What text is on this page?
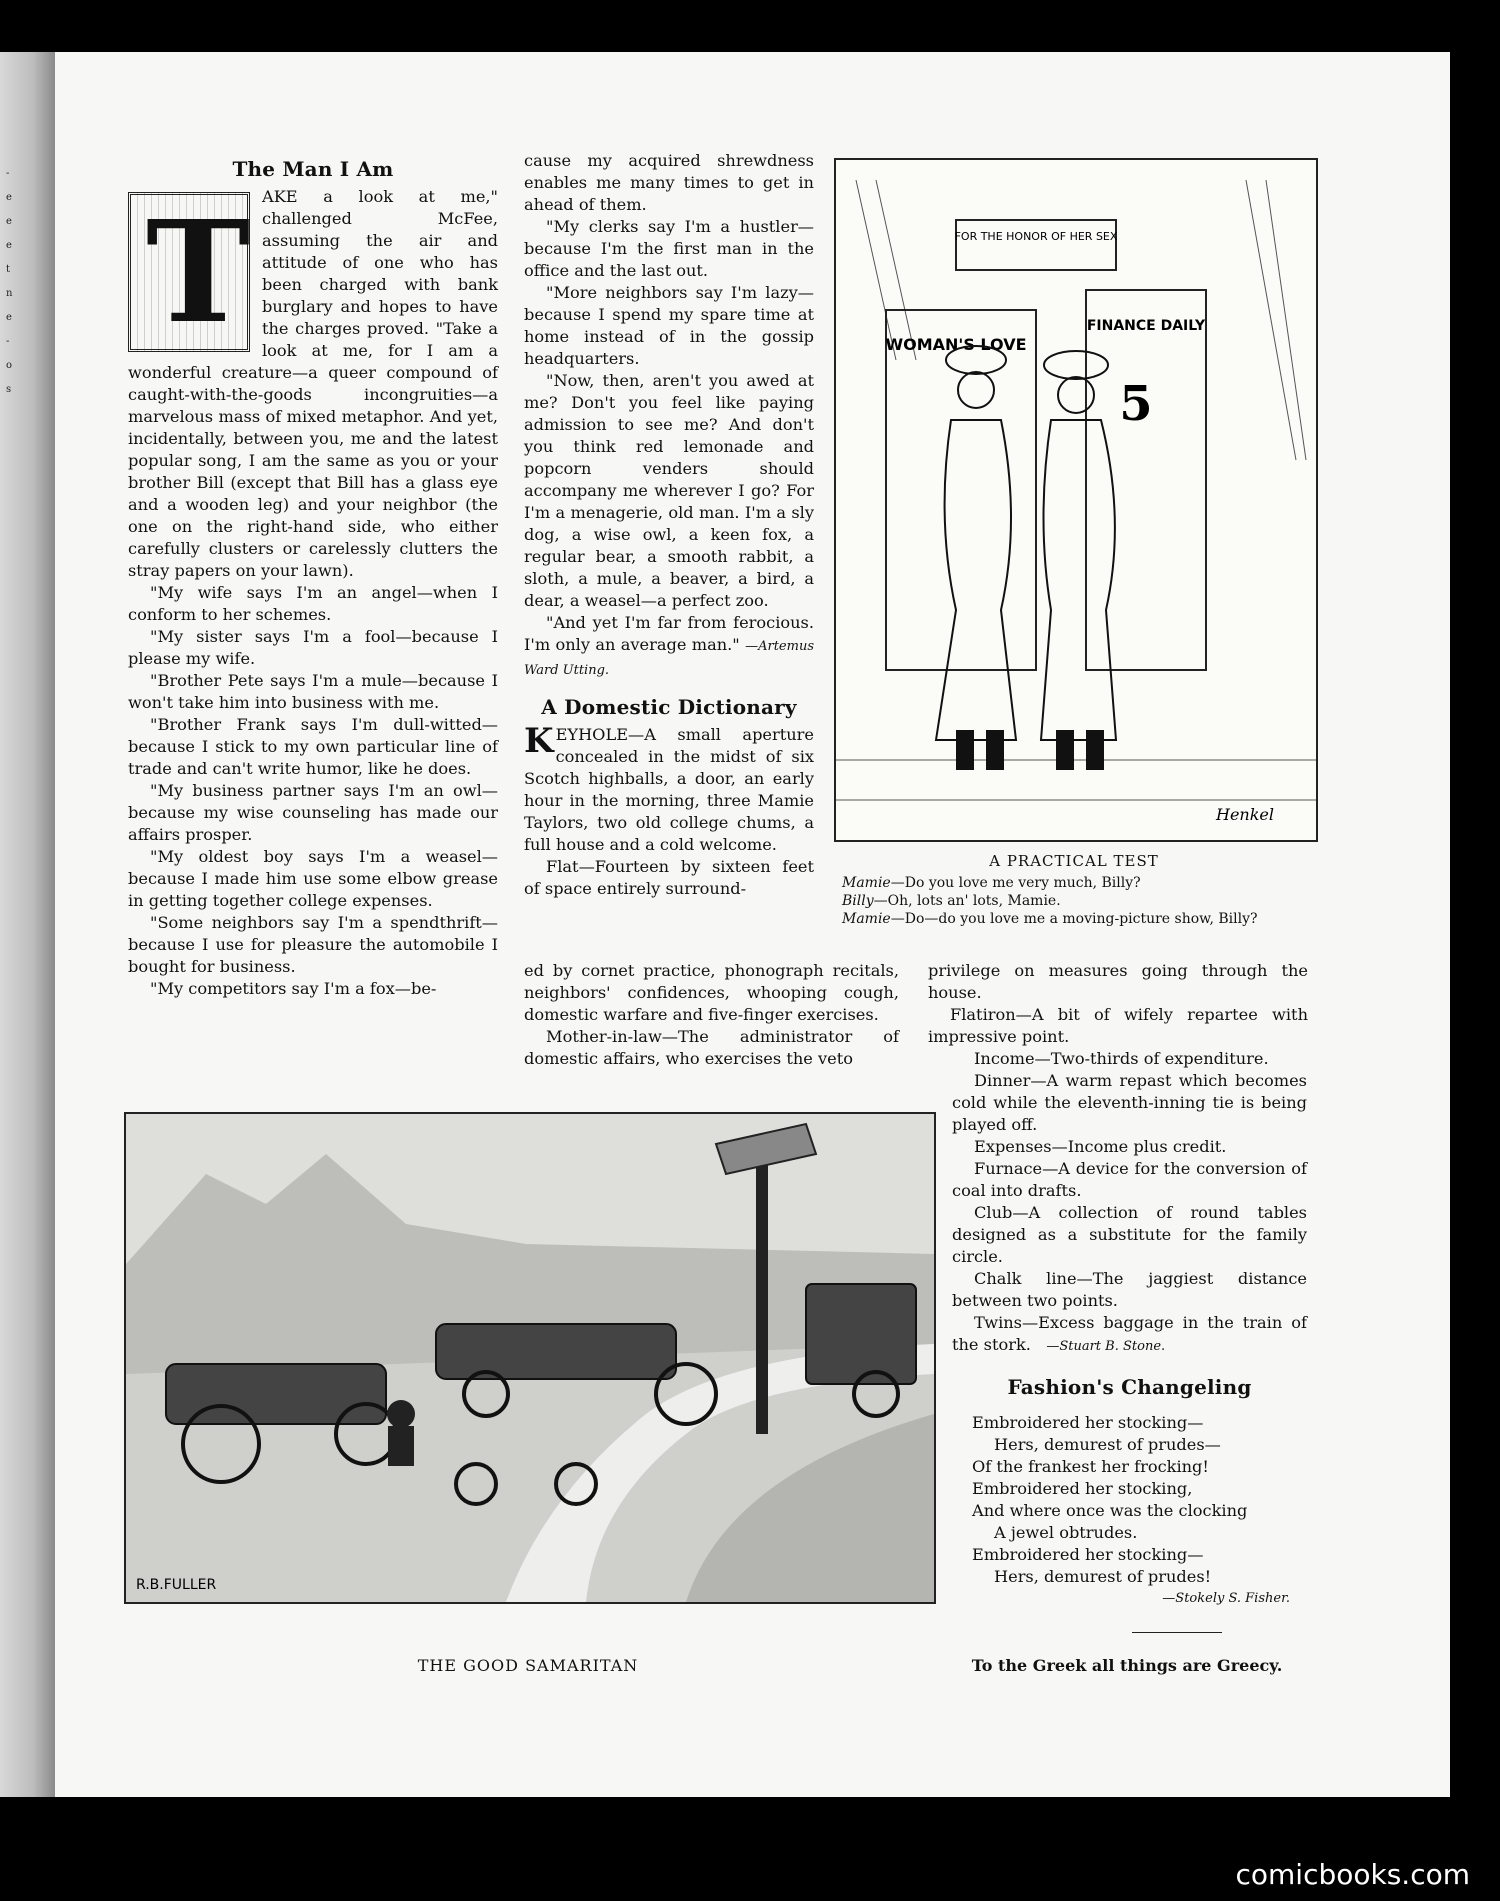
-
e
e
e
t
n
e
-
o
s
The Man I Am
T AKE a look at me," challenged McFee, assuming the air and attitude of one who has been charged with bank burglary and hopes to have the charges proved. "Take a look at me, for I am a wonderful creature—a queer compound of caught-with-the-goods incongruities—a marvelous mass of mixed metaphor. And yet, incidentally, between you, me and the latest popular song, I am the same as you or your brother Bill (except that Bill has a glass eye and a wooden leg) and your neighbor (the one on the right-hand side, who either carefully clusters or carelessly clutters the stray papers on your lawn).

"My wife says I'm an angel—when I conform to her schemes.

"My sister says I'm a fool—because I please my wife.

"Brother Pete says I'm a mule—because I won't take him into business with me.

"Brother Frank says I'm dull-witted—because I stick to my own particular line of trade and can't write humor, like he does.

"My business partner says I'm an owl—because my wise counseling has made our affairs prosper.

"My oldest boy says I'm a weasel—because I made him use some elbow grease in getting together college expenses.

"Some neighbors say I'm a spendthrift—because I use for pleasure the automobile I bought for business.

"My competitors say I'm a fox—be-

cause my acquired shrewdness enables me many times to get in ahead of them.

"My clerks say I'm a hustler—because I'm the first man in the office and the last out.

"More neighbors say I'm lazy—because I spend my spare time at home instead of in the gossip headquarters.

"Now, then, aren't you awed at me? Don't you feel like paying admission to see me? And don't you think red lemonade and popcorn venders should accompany me wherever I go? For I'm a menagerie, old man. I'm a sly dog, a wise owl, a keen fox, a regular bear, a smooth rabbit, a sloth, a mule, a beaver, a bird, a dear, a weasel—a perfect zoo.

"And yet I'm far from ferocious. I'm only an average man." —Artemus Ward Utting.

A Domestic Dictionary

KEYHOLE—A small aperture concealed in the midst of six Scotch highballs, a door, an early hour in the morning, three Mamie Taylors, two old college chums, a full house and a cold welcome.

Flat—Fourteen by sixteen feet of space entirely surround-

ed by cornet practice, phonograph recitals, neighbors' confidences, whooping cough, domestic warfare and five-finger exercises.

Mother-in-law—The administrator of domestic affairs, who exercises the veto

FOR THE HONOR OF HER SEX
WOMAN'S LOVE
FINANCE DAILY
5
Henkel
A PRACTICAL TEST
Mamie—Do you love me very much, Billy?
Billy—Oh, lots an' lots, Mamie.
Mamie—Do—do you love me a moving-picture show, Billy?

privilege on measures going through the house.

Flatiron—A bit of wifely repartee with impressive point.

Income—Two-thirds of expenditure.

Dinner—A warm repast which becomes cold while the eleventh-inning tie is being played off.

Expenses—Income plus credit.

Furnace—A device for the conversion of coal into drafts.

Club—A collection of round tables designed as a substitute for the family circle.

Chalk line—The jaggiest distance between two points.

Twins—Excess baggage in the train of the stork. —Stuart B. Stone.

Fashion's Changeling
Embroidered her stocking—
Hers, demurest of prudes—
Of the frankest her frocking!
Embroidered her stocking,
And where once was the clocking
A jewel obtrudes.
Embroidered her stocking—
Hers, demurest of prudes!
—Stokely S. Fisher.
To the Greek all things are Greecy.
R.B.FULLER
THE GOOD SAMARITAN
comicbooks.com
